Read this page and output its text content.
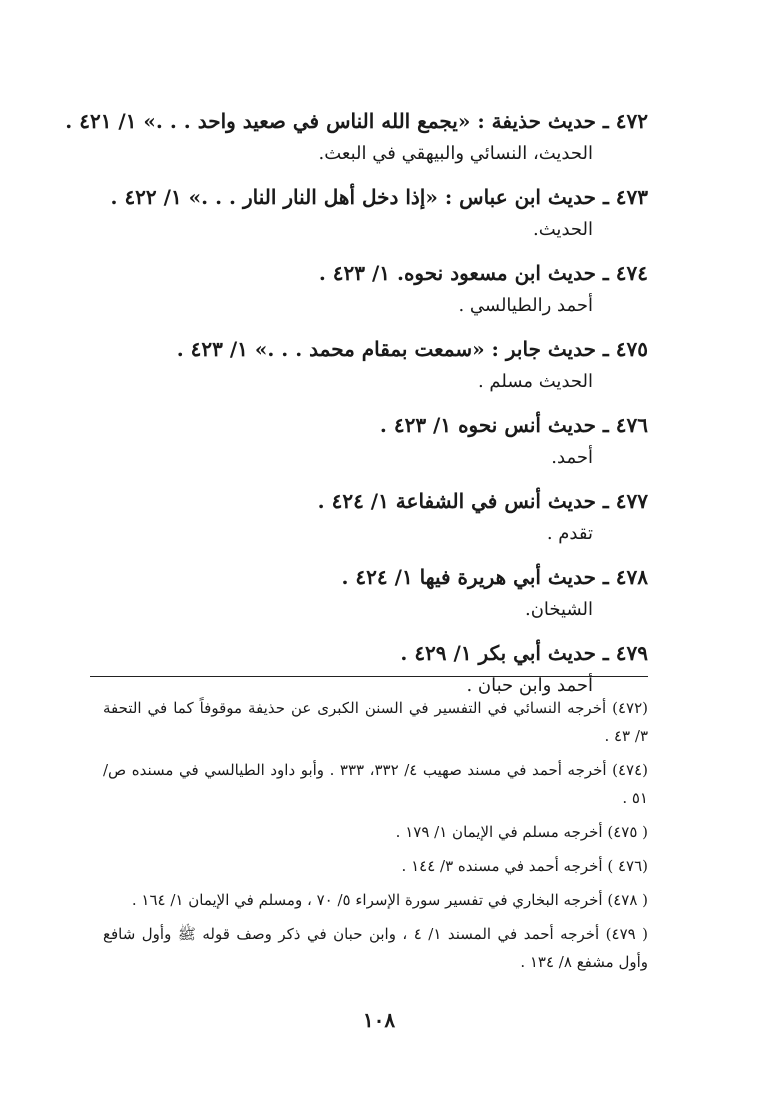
٤٧٢ ـ حديث حذيفة : «يجمع الله الناس في صعيد واحد . . .» ١/ ٤٢١ .
الحديث، النسائي والبيهقي في البعث.
٤٧٣ ـ حديث ابن عباس : «إذا دخل أهل النار النار . . .» ١/ ٤٢٢ .
الحديث.
٤٧٤ ـ حديث ابن مسعود نحوه. ١/ ٤٢٣ .
أحمد رالطيالسي .
٤٧٥ ـ حديث جابر : «سمعت بمقام محمد . . .» ١/ ٤٢٣ .
الحديث مسلم .
٤٧٦ ـ حديث أنس نحوه ١/ ٤٢٣ .
أحمد.
٤٧٧ ـ حديث أنس في الشفاعة ١/ ٤٢٤ .
تقدم .
٤٧٨ ـ حديث أبي هريرة فيها ١/ ٤٢٤ .
الشيخان.
٤٧٩ ـ حديث أبي بكر ١/ ٤٢٩ .
أحمد وابن حبان .
(٤٧٢) أخرجه النسائي في التفسير في السنن الكبرى عن حذيفة موقوفاً كما في التحفة ٣/ ٤٣ .
(٤٧٤) أخرجه أحمد في مسند صهيب ٤/ ٣٣٢، ٣٣٣ . وأبو داود الطيالسي في مسنده ص/ ٥١ .
( ٤٧٥) أخرجه مسلم في الإيمان ١/ ١٧٩ .
(٤٧٦ ) أخرجه أحمد في مسنده ٣/ ١٤٤ .
( ٤٧٨) أخرجه البخاري في تفسير سورة الإسراء ٥/ ٧٠ ، ومسلم في الإيمان ١/ ١٦٤ .
( ٤٧٩) أخرجه أحمد في المسند ١/ ٤ ، وابن حبان في ذكر وصف قوله ﷺ وأول شافع وأول مشفع ٨/ ١٣٤ .
١٠٨
